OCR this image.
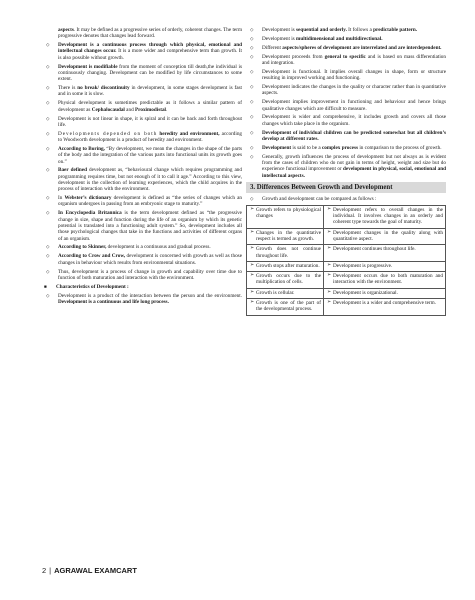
aspects. It may be defined as a progressive series of orderly, coherent changes. The term progressive denotes that changes lead forward.
◇ Development is a continuous process through which physical, emotional and intellectual changes occur. It is a more wider and comprehensive term than growth. It is also possible without growth.
◇ Development is modifiable from the moment of conception till death,the individual is continuously changing. Development can be modified by life circumstances to some extent.
◇ There is no break/ discontinuity in development, in some stages development is fast and in some it is slow.
◇ Physical development is sometimes predictable as it follows a similar pattern of development as Cephalocaudal and Proximodistal.
◇ Development is not linear in shape, it is spiral and it can be back and forth throughout life.
◇ Developments depended on both heredity and environment, according to Woodworth development is a product of heredity and environment.
◇ According to Boring, “By development, we mean the changes in the shape of the parts of the body and the integration of the various parts into functional units its growth goes on.”
◇ Baer defined development as, “behavioural change which requires programming and programming requires time, but not enough of it to call it age.” According to this view, development is the collection of learning experiences, which the child acquires in the process of interaction with the environment.
◇ In Webster’s dictionary development is defined as “the series of changes which an organism undergoes in passing from an embryonic stage to maturity.”
◇ In Encyclopedia Britannica is the term development defined as “the progressive change in size, shape and function during the life of an organism by which its genetic potential is translated into a functioning adult system.” So, development includes all those psychological changes that take in the functions and activities of different organs of an organism.
◇ According to Skinner, development is a continuous and gradual process.
◇ According to Crow and Crow, development is concerned with growth as well as those changes in behaviour which results from environmental situations.
◇ Thus, development is a process of change in growth and capability over time due to function of both maturation and interaction with the environment.
■	Characteristics of Development :
◇ Development is a product of the interaction between the person and the environment. Development is a continuous and life long process.
◇ Development is sequential and orderly. It follows a predictable pattern.
◇ Development is multidimensional and multidirectional.
◇ Different aspects/spheres of development are interrelated and are interdependent.
◇ Development proceeds from general to specific and is based on mass differentiation and integration.
◇ Development is functional. It implies overall changes in shape, form or structure resulting in improved working and functioning.
◇ Development indicates the changes in the quality or character rather than in quantitative aspects.
◇ Development implies improvement in functioning and behaviour and hence brings qualitative changes which are difficult to measure.
◇ Development is wider and comprehensive, it includes growth and covers all those changes which take place in the organism.
◇ Development of individual children can be predicted somewhat but all children’s develop at different rates.
◇ Development is said to be a complex process in comparison to the process of growth.
◇ Generally, growth influences the process of development but not always as is evident from the cases of children who do not gain in terms of height, weight and size but do experience functional improvement or development in physical, social, emotional and intellectual aspects.
3. Differences Between Growth and Development
◇ Growth and development can be compared as follows :
➢ Growth refers to physiological changes	➢ Development refers to overall changes in the individual. It involves changes in an orderly and coherent type towards the goal of maturity.

➢ Changes in the quantitative respect is termed as growth.	➢ Development changes in the quality along with quantitative aspect.

➢ Growth does not continue throughout life.	➢ Development continues throughout life.

➢ Growth stops after maturation.	➢ Development is progressive.

➢ Growth occurs due to the multiplication of cells.	➢ Development occurs due to both maturation and interaction with the environment.

➢ Growth is cellular.	➢ Development is organizational.

➢ Growth is one of the part of the developmental process.	➢ Development is a wider and comprehensive term.
2 | AGRAWAL EXAMCART
